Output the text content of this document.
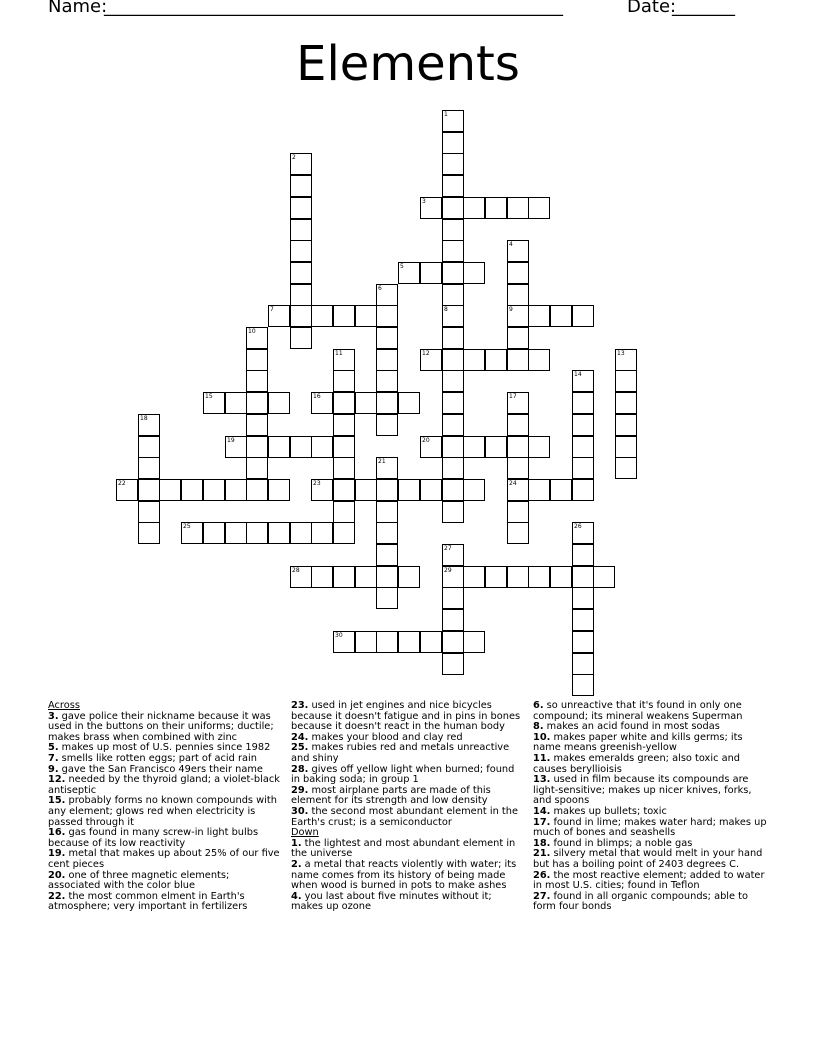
Name:
___________________________________________________	Date:
_______
Elements
1
8
2
3
4
9
5
6
7
10
11	12	13
14
15	16	17
24
18
19	20
21
22	23
25	26
27
29
28
30
Across
3. gave police their nickname because it was used in the buttons on their uniforms; ductile; makes brass when combined with zinc
5. makes up most of U.S. pennies since 1982
7. smells like rotten eggs; part of acid rain
9. gave the San Francisco 49ers their name
12. needed by the thyroid gland; a violet-black antiseptic
15. probably forms no known compounds with any element; glows red when electricity is passed through it
16. gas found in many screw-in light bulbs because of its low reactivity
19. metal that makes up about 25% of our five cent pieces
20. one of three magnetic elements; associated with the color blue
22. the most common elment in Earth's atmosphere; very important in fertilizers
23. used in jet engines and nice bicycles because it doesn't fatigue and in pins in bones because it doesn't react in the human body
24. makes your blood and clay red
25. makes rubies red and metals unreactive and shiny
28. gives off yellow light when burned; found in baking soda; in group 1
29. most airplane parts are made of this element for its strength and low density
30. the second most abundant element in the Earth's crust; is a semiconductor
Down
1. the lightest and most abundant element in the universe
2. a metal that reacts violently with water; its name comes from its history of being made when wood is burned in pots to make ashes
4. you last about five minutes without it; makes up ozone
6. so unreactive that it's found in only one compound; its mineral weakens Superman
8. makes an acid found in most sodas
10. makes paper white and kills germs; its name means greenish-yellow
11. makes emeralds green; also toxic and causes beryllioisis
13. used in film because its compounds are light-sensitive; makes up nicer knives, forks, and spoons
14. makes up bullets; toxic
17. found in lime; makes water hard; makes up much of bones and seashells
18. found in blimps; a noble gas
21. silvery metal that would melt in your hand but has a boiling point of 2403 degrees C.
26. the most reactive element; added to water in most U.S. cities; found in Teflon
27. found in all organic compounds; able to form four bonds
